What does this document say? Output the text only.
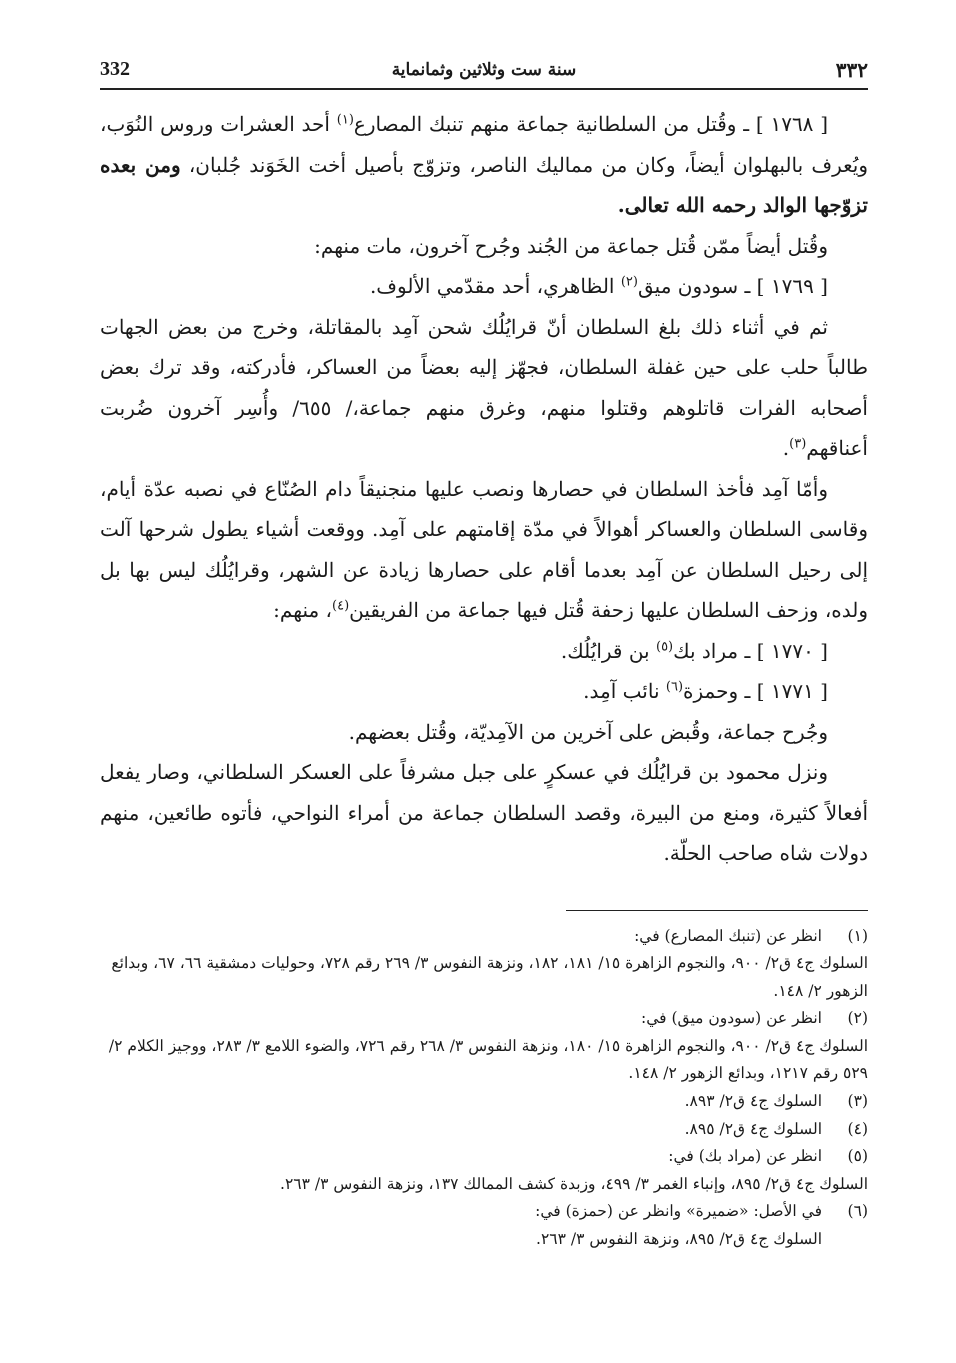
٣٣٢
سنة ست وثلاثين وثمانماية
332

[ ١٧٦٨ ] ـ وقُتل من السلطانية جماعة منهم تنبك المصارع$^{(١)}$ أحد العشرات وروس النُوَب، ويُعرف بالبهلوان أيضاً، وكان من مماليك الناصر، وتزوّج بأصيل أخت الخَوَند جُلبان، ومن بعده تزوّجها الوالد رحمه الله تعالى.

وقُتل أيضاً ممّن قُتل جماعة من الجُند وجُرح آخرون، مات منهم:

[ ١٧٦٩ ] ـ سودون ميق$^{(٢)}$ الظاهري، أحد مقدّمي الألوف.

ثم في أثناء ذلك بلغ السلطان أنّ قرايُلُك شحن آمِد بالمقاتلة، وخرج من بعض الجهات طالباً حلب على حين غفلة السلطان، فجهّز إليه بعضاً من العساكر، فأدركته، وقد ترك بعض أصحابه الفرات قاتلوهم وقتلوا منهم، وغرق منهم جماعة،/ ٦٥٥/ وأُسِر آخرون ضُربت أعناقهم$^{(٣)}$.

وأمّا آمِد فأخذ السلطان في حصارها ونصب عليها منجنيقاً دام الصُنّاع في نصبه عدّة أيام، وقاسى السلطان والعساكر أهوالاً في مدّة إقامتهم على آمِد. ووقعت أشياء يطول شرحها آلت إلى رحيل السلطان عن آمِد بعدما أقام على حصارها زيادة عن الشهر، وقرايُلُك ليس بها بل ولده، وزحف السلطان عليها زحفة قُتل فيها جماعة من الفريقين$^{(٤)}$، منهم:

[ ١٧٧٠ ] ـ مراد بك$^{(٥)}$ بن قرايُلُك.

[ ١٧٧١ ] ـ وحمزة$^{(٦)}$ نائب آمِد.

وجُرح جماعة، وقُبض على آخرين من الآمِديّة، وقُتل بعضهم.

ونزل محمود بن قرايُلُك في عسكرٍ على جبل مشرفاً على العسكر السلطاني، وصار يفعل أفعالاً كثيرة، ومنع من البيرة، وقصد السلطان جماعة من أمراء النواحي، فأتوه طائعين، منهم دولات شاه صاحب الحلّة.

(١)

انظر عن (تنبك المصارع) في:

السلوك ج٤ ق٢/ ٩٠٠، والنجوم الزاهرة ١٥/ ١٨١، ١٨٢، ونزهة النفوس ٣/ ٢٦٩ رقم ٧٢٨، وحوليات دمشقية ٦٦، ٦٧، وبدائع الزهور ٢/ ١٤٨.

(٢)

انظر عن (سودون ميق) في:

السلوك ج٤ ق٢/ ٩٠٠، والنجوم الزاهرة ١٥/ ١٨٠، ونزهة النفوس ٣/ ٢٦٨ رقم ٧٢٦، والضوء اللامع ٣/ ٢٨٣، ووجيز الكلام ٢/ ٥٢٩ رقم ١٢١٧، وبدائع الزهور ٢/ ١٤٨.

(٣)

السلوك ج٤ ق٢/ ٨٩٣.

(٤)

السلوك ج٤ ق٢/ ٨٩٥.

(٥)

انظر عن (مراد بك) في:

السلوك ج٤ ق٢/ ٨٩٥، وإنباء الغمر ٣/ ٤٩٩، وزبدة كشف الممالك ١٣٧، ونزهة النفوس ٣/ ٢٦٣.

(٦)

في الأصل: «ضميرة» وانظر عن (حمزة) في:

السلوك ج٤ ق٢/ ٨٩٥، ونزهة النفوس ٣/ ٢٦٣.
